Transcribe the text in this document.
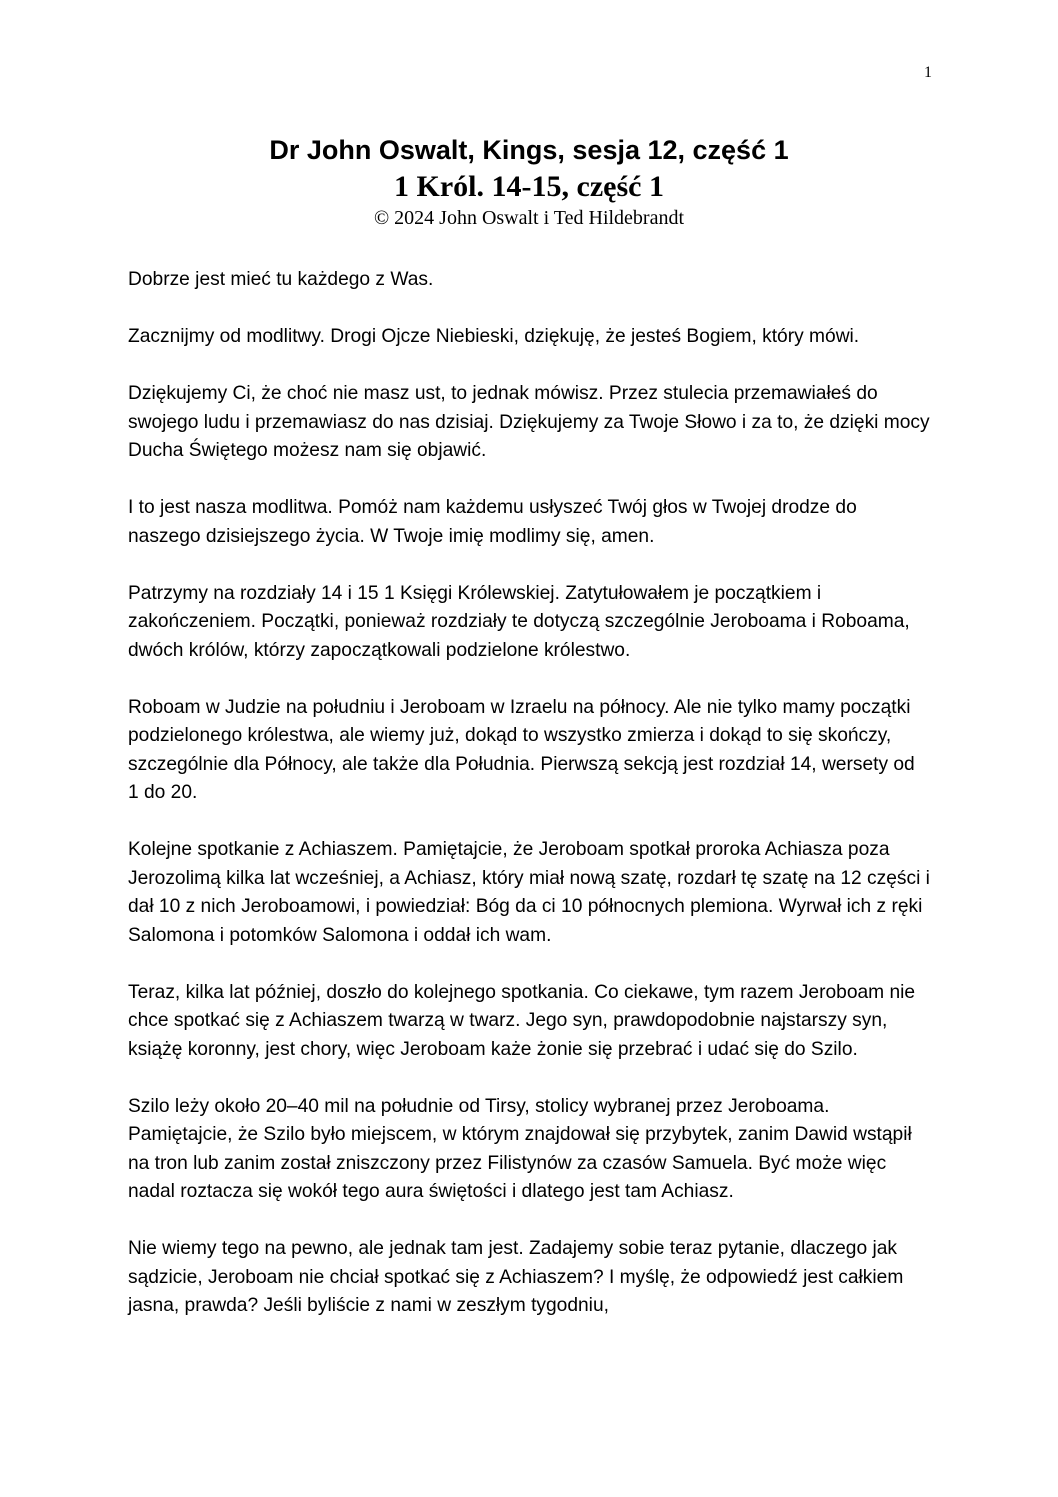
1
Dr John Oswalt, Kings, sesja 12, część 1
1 Król. 14-15, część 1
© 2024 John Oswalt i Ted Hildebrandt

Dobrze jest mieć tu każdego z Was.

Zacznijmy od modlitwy. Drogi Ojcze Niebieski, dziękuję, że jesteś Bogiem, który mówi.

Dziękujemy Ci, że choć nie masz ust, to jednak mówisz. Przez stulecia przemawiałeś do swojego ludu i przemawiasz do nas dzisiaj. Dziękujemy za Twoje Słowo i za to, że dzięki mocy Ducha Świętego możesz nam się objawić.

I to jest nasza modlitwa. Pomóż nam każdemu usłyszeć Twój głos w Twojej drodze do naszego dzisiejszego życia. W Twoje imię modlimy się, amen.

Patrzymy na rozdziały 14 i 15 1 Księgi Królewskiej. Zatytułowałem je początkiem i zakończeniem. Początki, ponieważ rozdziały te dotyczą szczególnie Jeroboama i Roboama, dwóch królów, którzy zapoczątkowali podzielone królestwo.

Roboam w Judzie na południu i Jeroboam w Izraelu na północy. Ale nie tylko mamy początki podzielonego królestwa, ale wiemy już, dokąd to wszystko zmierza i dokąd to się skończy, szczególnie dla Północy, ale także dla Południa. Pierwszą sekcją jest rozdział 14, wersety od 1 do 20.

Kolejne spotkanie z Achiaszem. Pamiętajcie, że Jeroboam spotkał proroka Achiasza poza Jerozolimą kilka lat wcześniej, a Achiasz, który miał nową szatę, rozdarł tę szatę na 12 części i dał 10 z nich Jeroboamowi, i powiedział: Bóg da ci 10 północnych plemiona. Wyrwał ich z ręki Salomona i potomków Salomona i oddał ich wam.

Teraz, kilka lat później, doszło do kolejnego spotkania. Co ciekawe, tym razem Jeroboam nie chce spotkać się z Achiaszem twarzą w twarz. Jego syn, prawdopodobnie najstarszy syn, książę koronny, jest chory, więc Jeroboam każe żonie się przebrać i udać się do Szilo.

Szilo leży około 20–40 mil na południe od Tirsy, stolicy wybranej przez Jeroboama. Pamiętajcie, że Szilo było miejscem, w którym znajdował się przybytek, zanim Dawid wstąpił na tron lub zanim został zniszczony przez Filistynów za czasów Samuela. Być może więc nadal roztacza się wokół tego aura świętości i dlatego jest tam Achiasz.

Nie wiemy tego na pewno, ale jednak tam jest. Zadajemy sobie teraz pytanie, dlaczego jak sądzicie, Jeroboam nie chciał spotkać się z Achiaszem? I myślę, że odpowiedź jest całkiem jasna, prawda? Jeśli byliście z nami w zeszłym tygodniu,
